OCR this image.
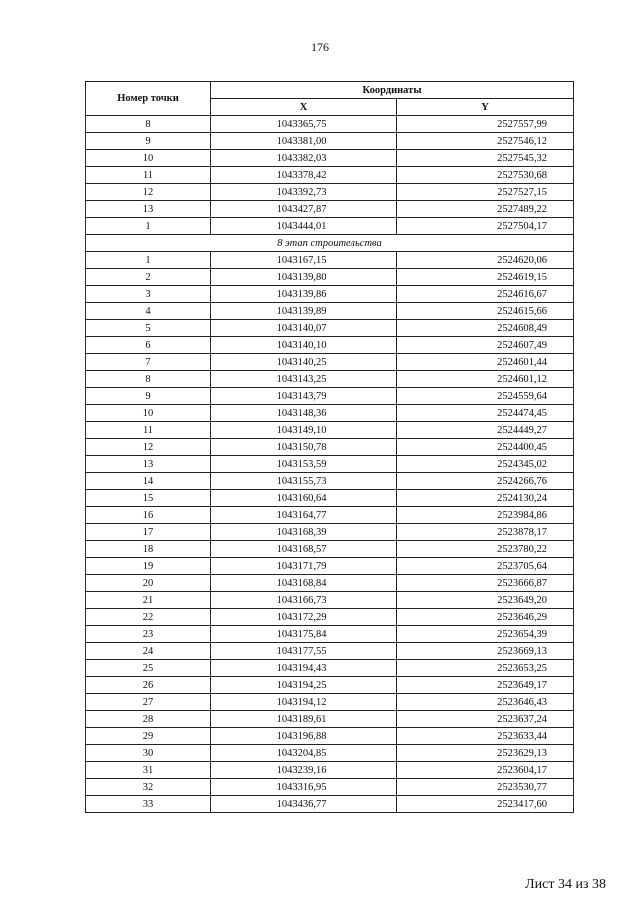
176
Номер точки	Координаты	
	X	Y
8	1043365,75	2527557,99
9	1043381,00	2527546,12
10	1043382,03	2527545,32
11	1043378,42	2527530,68
12	1043392,73	2527527,15
13	1043427,87	2527489,22
1	1043444,01	2527504,17
8 этап строительства		
1	1043167,15	2524620,06
2	1043139,80	2524619,15
3	1043139,86	2524616,67
4	1043139,89	2524615,66
5	1043140,07	2524608,49
6	1043140,10	2524607,49
7	1043140,25	2524601,44
8	1043143,25	2524601,12
9	1043143,79	2524559,64
10	1043148,36	2524474,45
11	1043149,10	2524449,27
12	1043150,78	2524400,45
13	1043153,59	2524345,02
14	1043155,73	2524266,76
15	1043160,64	2524130,24
16	1043164,77	2523984,86
17	1043168,39	2523878,17
18	1043168,57	2523780,22
19	1043171,79	2523705,64
20	1043168,84	2523666,87
21	1043166,73	2523649,20
22	1043172,29	2523646,29
23	1043175,84	2523654,39
24	1043177,55	2523669,13
25	1043194,43	2523653,25
26	1043194,25	2523649,17
27	1043194,12	2523646,43
28	1043189,61	2523637,24
29	1043196,88	2523633,44
30	1043204,85	2523629,13
31	1043239,16	2523604,17
32	1043316,95	2523530,77
33	1043436,77	2523417,60
Лист 34 из 38
